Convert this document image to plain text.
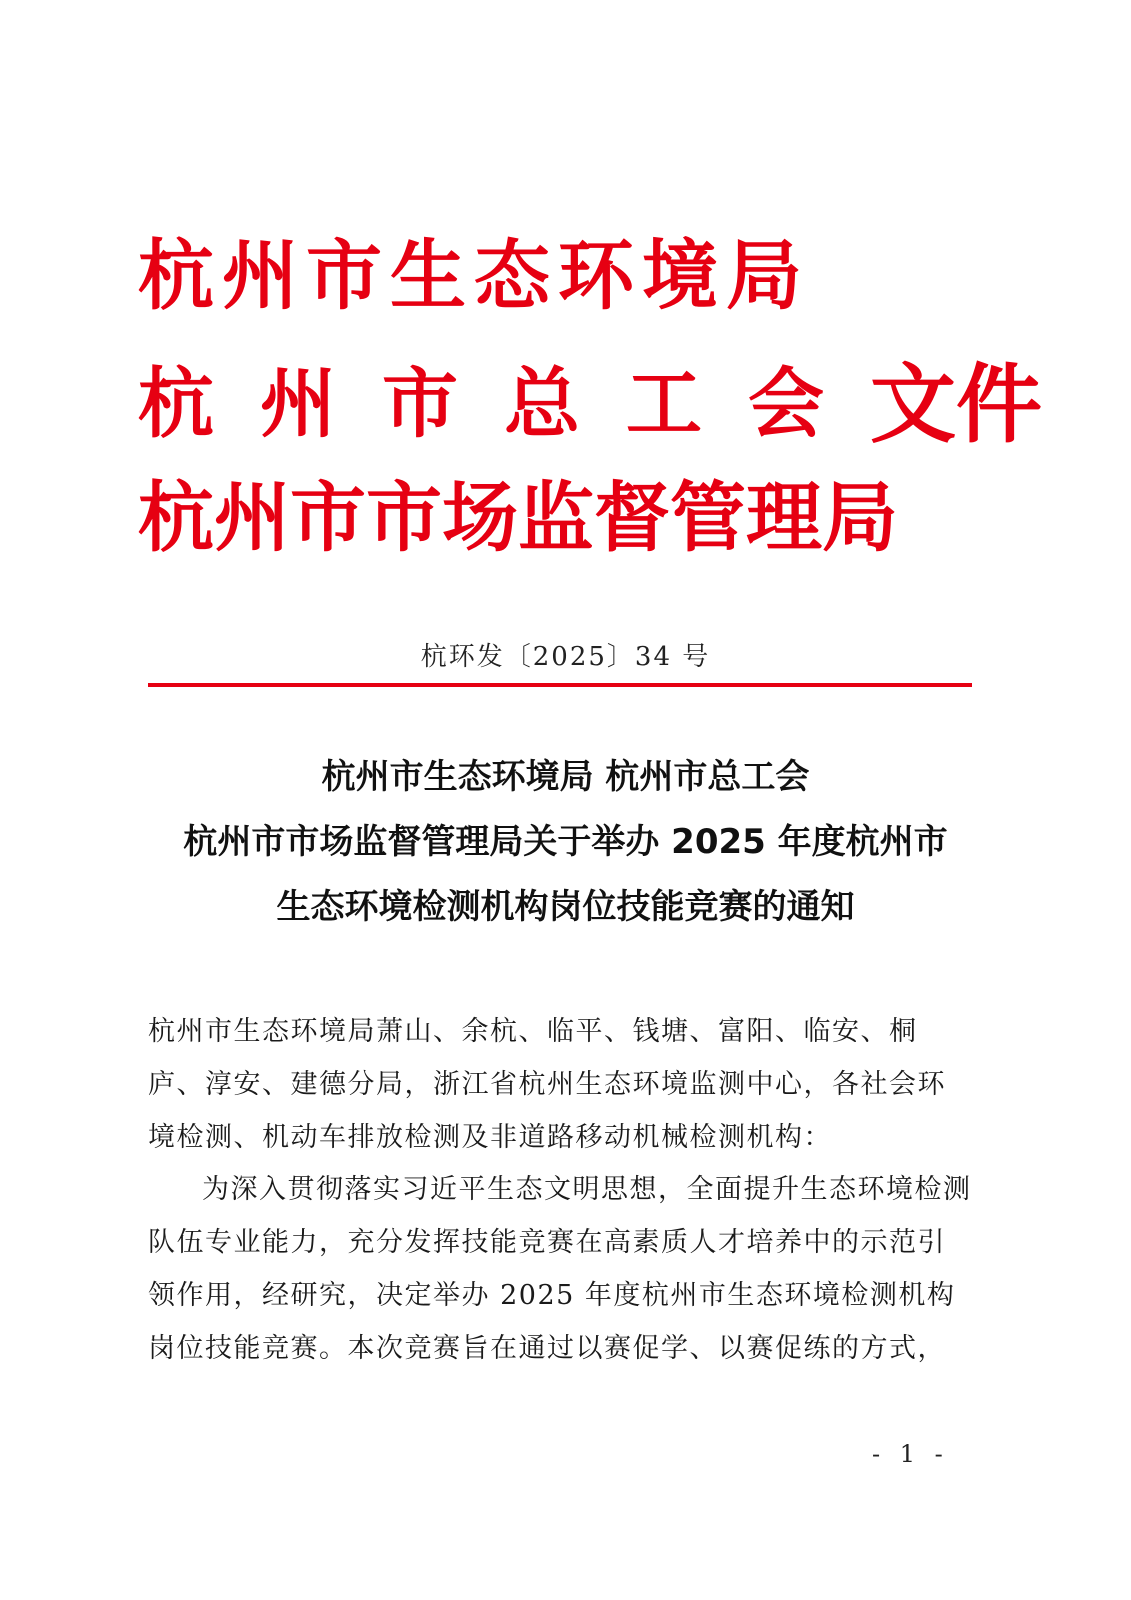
杭州市生态环境局
杭州市总工会文件
杭州市市场监督管理局
杭环发〔2025〕34 号
杭州市生态环境局 杭州市总工会
杭州市市场监督管理局关于举办 2025 年度杭州市
生态环境检测机构岗位技能竞赛的通知
杭州市生态环境局萧山、余杭、临平、钱塘、富阳、临安、桐庐、淳安、建德分局，浙江省杭州生态环境监测中心，各社会环境检测、机动车排放检测及非道路移动机械检测机构：
为深入贯彻落实习近平生态文明思想，全面提升生态环境检测队伍专业能力，充分发挥技能竞赛在高素质人才培养中的示范引领作用，经研究，决定举办 2025 年度杭州市生态环境检测机构岗位技能竞赛。本次竞赛旨在通过以赛促学、以赛促练的方式，
- 1 -
